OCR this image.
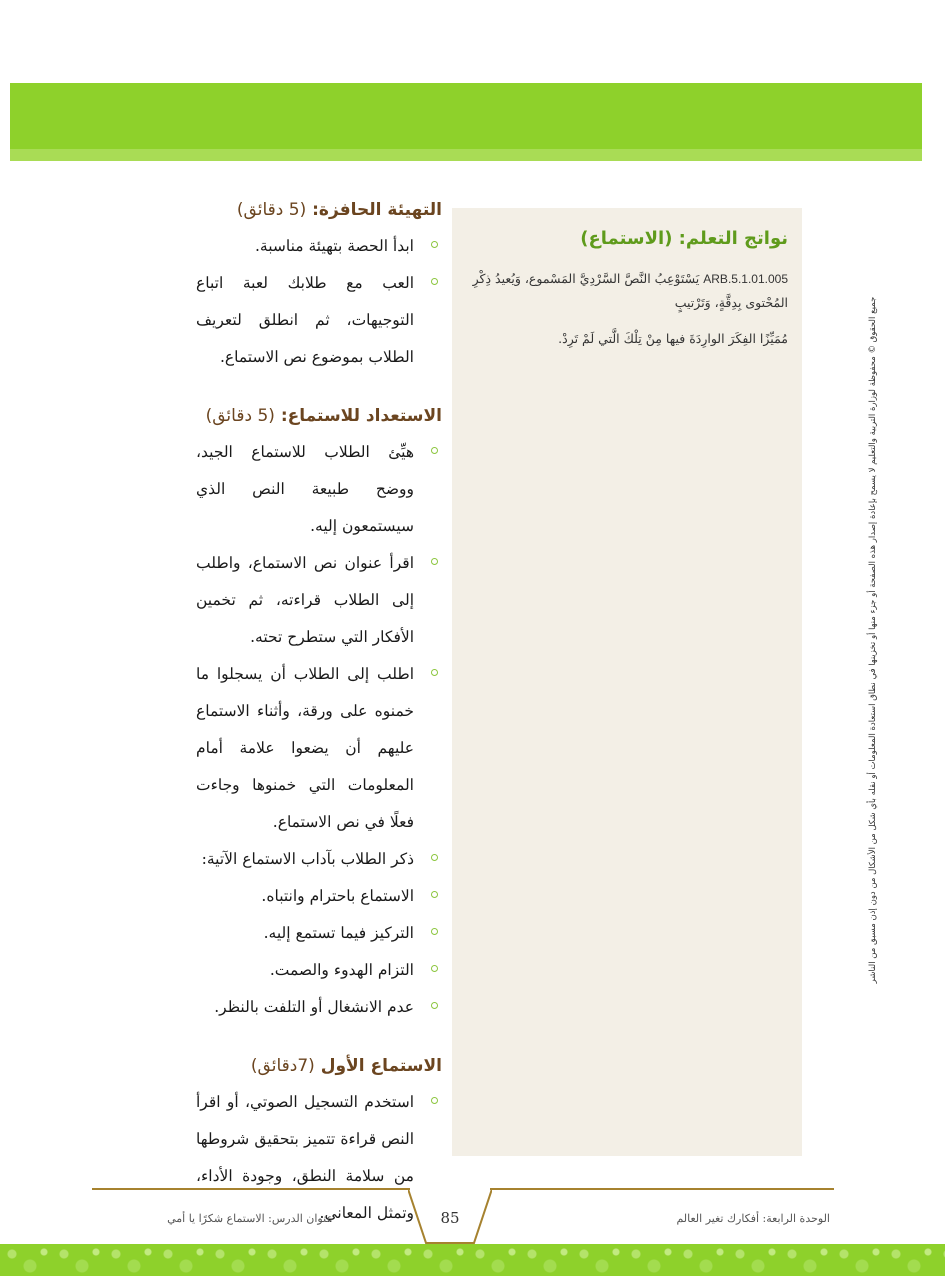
نواتج التعلم: (الاستماع)

ARB.5.1.01.005 يَسْتَوْعِبُ النَّصَّ السَّرْدِيَّ المَسْموع، وَيُعيدُ ذِكْرِ المُحْتوى بِدِقَّةٍ، وَتَرْتيبٍ

مُمَيِّزًا الفِكَرَ الوارِدَةَ فيها مِنْ تِلْكَ الَّتي لَمْ تَرِدْ.

التهيئة الحافزة: (5 دقائق)
ابدأ الحصة بتهيئة مناسبة.
العب مع طلابك لعبة اتباع التوجيهات، ثم انطلق لتعريف الطلاب بموضوع نص الاستماع.
الاستعداد للاستماع: (5 دقائق)
هيِّئ الطلاب للاستماع الجيد، ووضح طبيعة النص الذي سيستمعون إليه.
اقرأ عنوان نص الاستماع، واطلب إلى الطلاب قراءته، ثم تخمين الأفكار التي ستطرح تحته.
اطلب إلى الطلاب أن يسجلوا ما خمنوه على ورقة، وأثناء الاستماع عليهم أن يضعوا علامة أمام المعلومات التي خمنوها وجاءت فعلًا في نص الاستماع.
ذكر الطلاب بآداب الاستماع الآتية:
الاستماع باحترام وانتباه.
التركيز فيما تستمع إليه.
التزام الهدوء والصمت.
عدم الانشغال أو التلفت بالنظر.
الاستماع الأول (7دقائق)
استخدم التسجيل الصوتي، أو اقرأ النص قراءة تتميز بتحقيق شروطها من سلامة النطق، وجودة الأداء، وتمثل المعاني.
جميع الحقوق © محفوظة لوزارة التربية والتعليم لا يسمح بإعادة إصدار هذه الصفحة أو جزء منها أو تخزينها في نطاق استعادة المعلومات أو نقله بأي شكل من الأشكال من دون إذن مسبق من الناشر
85
عنوان الدرس: الاستماع شكرًا يا أمي	الوحدة الرابعة: أفكارك تغير العالم
